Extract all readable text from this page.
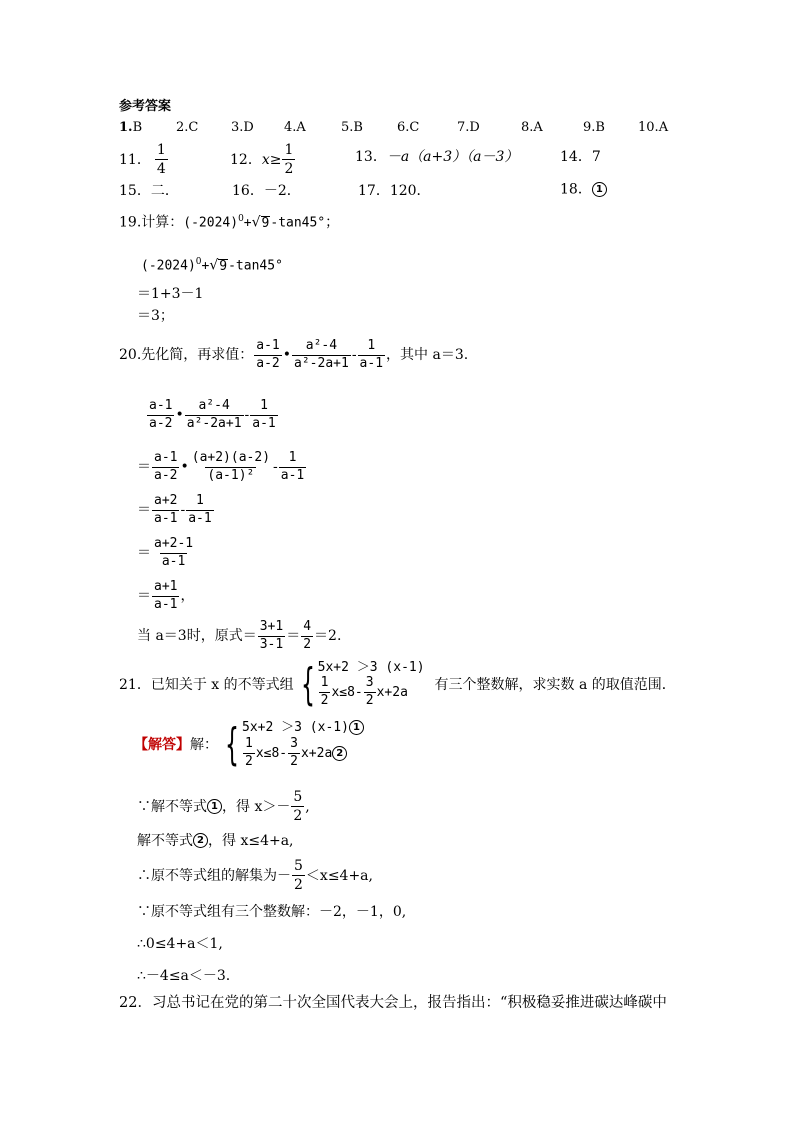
参考答案
1.B	2.C	3.D 4.A	5.B	6.C	7.D	8.A	9.B	10.A
11． $\frac{1}{4}$	12． $x\ge \frac{1}{2}$	13．－a（a+3）（a－3）	14．7
15．二．	16．－2．	17．120．	18． 1
19.计算：$(-2024)^0+√9-\tan 45^\circ$；
$(-2024)^0+√9-\tan 45^\circ$
＝1+3－1
＝3；
20.先化简，再求值： $\frac{a-1}{a-2}$ • $\frac{\text{a²-4}}{\text{a²-2a+1}} - \frac{1}{a-1}$ ，其中 a＝3.
$\frac{a-1}{a-2}$ • $\frac{\text{a²-4}}{\text{a²-2a+1}} - \frac{1}{a-1}$
＝ $\frac{a-1}{a-2}$ • $\frac{(a+2)(a-2)}{\text{(a-1)²}} - \frac{1}{a-1}$
＝ $\frac{a+2}{a-1} - \frac{1}{a-1}$
＝ $\frac{a+2-1}{a-1}$
＝ $\frac{a+1}{a-1}$ ，
当 a＝3时，原式＝ $\frac{3+1}{3-1} = \frac{4}{2} =2$.
21．已知关于 x 的不等式组 { 5x+2 ＞3 (x-1)
$\frac{1}{2} x\le 8- \frac{3}{2} x+2a$ 有三个整数解，求实数 a 的取值范围．
【解答】 解： { 5x+2 ＞3 (x-1) 1
$\frac{1}{2} x\le 8- \frac{3}{2} x+2a$ 2
∵解不等式 1 ，得 $x>- \frac{5}{2}$ ,
解不等式 2 ，得 x≤4+a,
∴原不等式组的解集为－ $\frac{5}{2} <x\le 4+a$,
∵原不等式组有三个整数解：－2，－1，0,
∴0≤4+a＜1,
∴－4≤a＜－3.
22．习总书记在党的第二十次全国代表大会上，报告指出：“积极稳妥推进碳达峰碳中
